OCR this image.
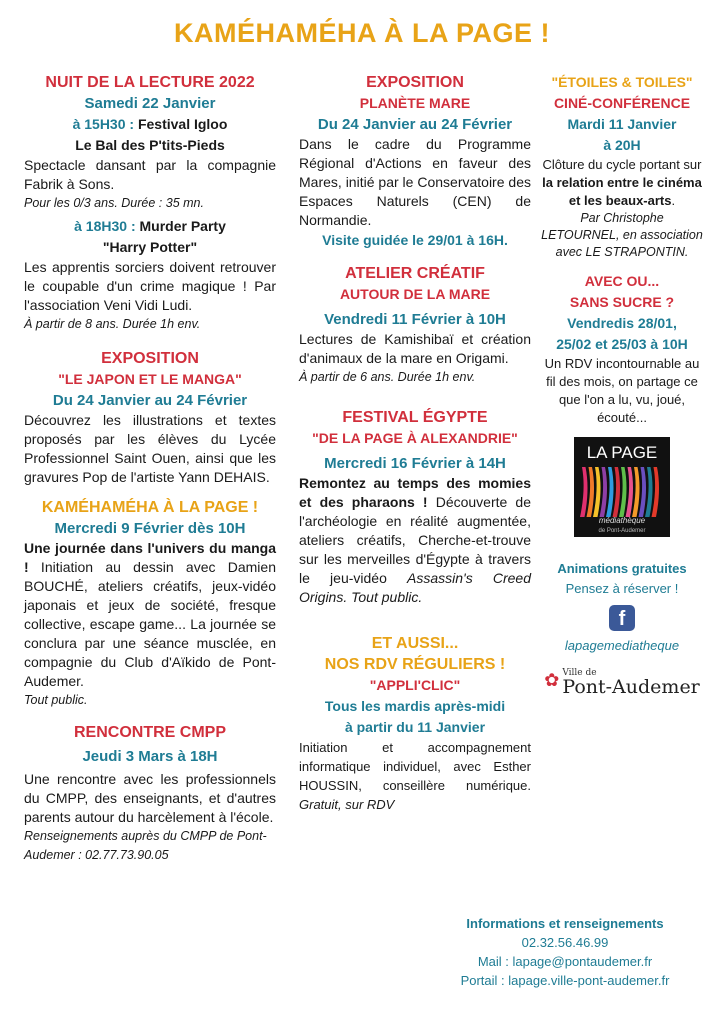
KAMÉHAMÉHA À LA PAGE !
NUIT DE LA LECTURE 2022
Samedi 22 Janvier
à 15H30 : Festival Igloo
Le Bal des P'tits-Pieds
Spectacle dansant par la compagnie Fabrik à Sons.
Pour les 0/3 ans. Durée : 35 mn.
à 18H30 : Murder Party
"Harry Potter"
Les apprentis sorciers doivent retrouver le coupable d'un crime magique ! Par l'association Veni Vidi Ludi.
À partir de 8 ans. Durée 1h env.
EXPOSITION
"LE JAPON ET LE MANGA"
Du 24 Janvier au 24 Février
Découvrez les illustrations et textes proposés par les élèves du Lycée Professionnel Saint Ouen, ainsi que les gravures Pop de l'artiste Yann DEHAIS.
KAMÉHAMÉHA À LA PAGE !
Mercredi 9 Février dès 10H
Une journée dans l'univers du manga ! Initiation au dessin avec Damien BOUCHÉ, ateliers créatifs, jeux-vidéo japonais et jeux de société, fresque collective, escape game... La journée se conclura par une séance musclée, en compagnie du Club d'Aïkido de Pont-Audemer.
Tout public.
RENCONTRE CMPP
Jeudi 3 Mars à 18H
Une rencontre avec les professionnels du CMPP, des enseignants, et d'autres parents autour du harcèlement à l'école.
Renseignements auprès du CMPP de Pont-Audemer : 02.77.73.90.05
EXPOSITION
PLANÈTE MARE
Du 24 Janvier au 24 Février
Dans le cadre du Programme Régional d'Actions en faveur des Mares, initié par le Conservatoire des Espaces Naturels (CEN) de Normandie.
Visite guidée le 29/01 à 16H.
ATELIER CRÉATIF
AUTOUR DE LA MARE
Vendredi 11 Février à 10H
Lectures de Kamishibaï et création d'animaux de la mare en Origami.
À partir de 6 ans. Durée 1h env.
FESTIVAL ÉGYPTE
"DE LA PAGE À ALEXANDRIE"
Mercredi 16 Février à 14H
Remontez au temps des momies et des pharaons ! Découverte de l'archéologie en réalité augmentée, ateliers créatifs, Cherche-et-trouve sur les merveilles d'Égypte à travers le jeu-vidéo Assassin's Creed Origins. Tout public.
ET AUSSI...
NOS RDV RÉGULIERS !
"APPLI'CLIC"
Tous les mardis après-midi
à partir du 11 Janvier
Initiation et accompagnement informatique individuel, avec Esther HOUSSIN, conseillère numérique. Gratuit, sur RDV
"ÉTOILES & TOILES"
CINÉ-CONFÉRENCE
Mardi 11 Janvier
à 20H
Clôture du cycle portant sur la relation entre le cinéma et les beaux-arts.
Par Christophe LETOURNEL, en association avec LE STRAPONTIN.
AVEC OU...
SANS SUCRE ?
Vendredis 28/01,
25/02 et 25/03 à 10H
Un RDV incontournable au fil des mois, on partage ce que l'on a lu, vu, joué, écouté...
LA PAGE
médiathèque
de Pont-Audemer
Animations gratuites
Pensez à réserver !
f
lapagemediatheque
✿ Ville de
Pont-Audemer
Informations et renseignements
02.32.56.46.99
Mail : lapage@pontaudemer.fr
Portail : lapage.ville-pont-audemer.fr
